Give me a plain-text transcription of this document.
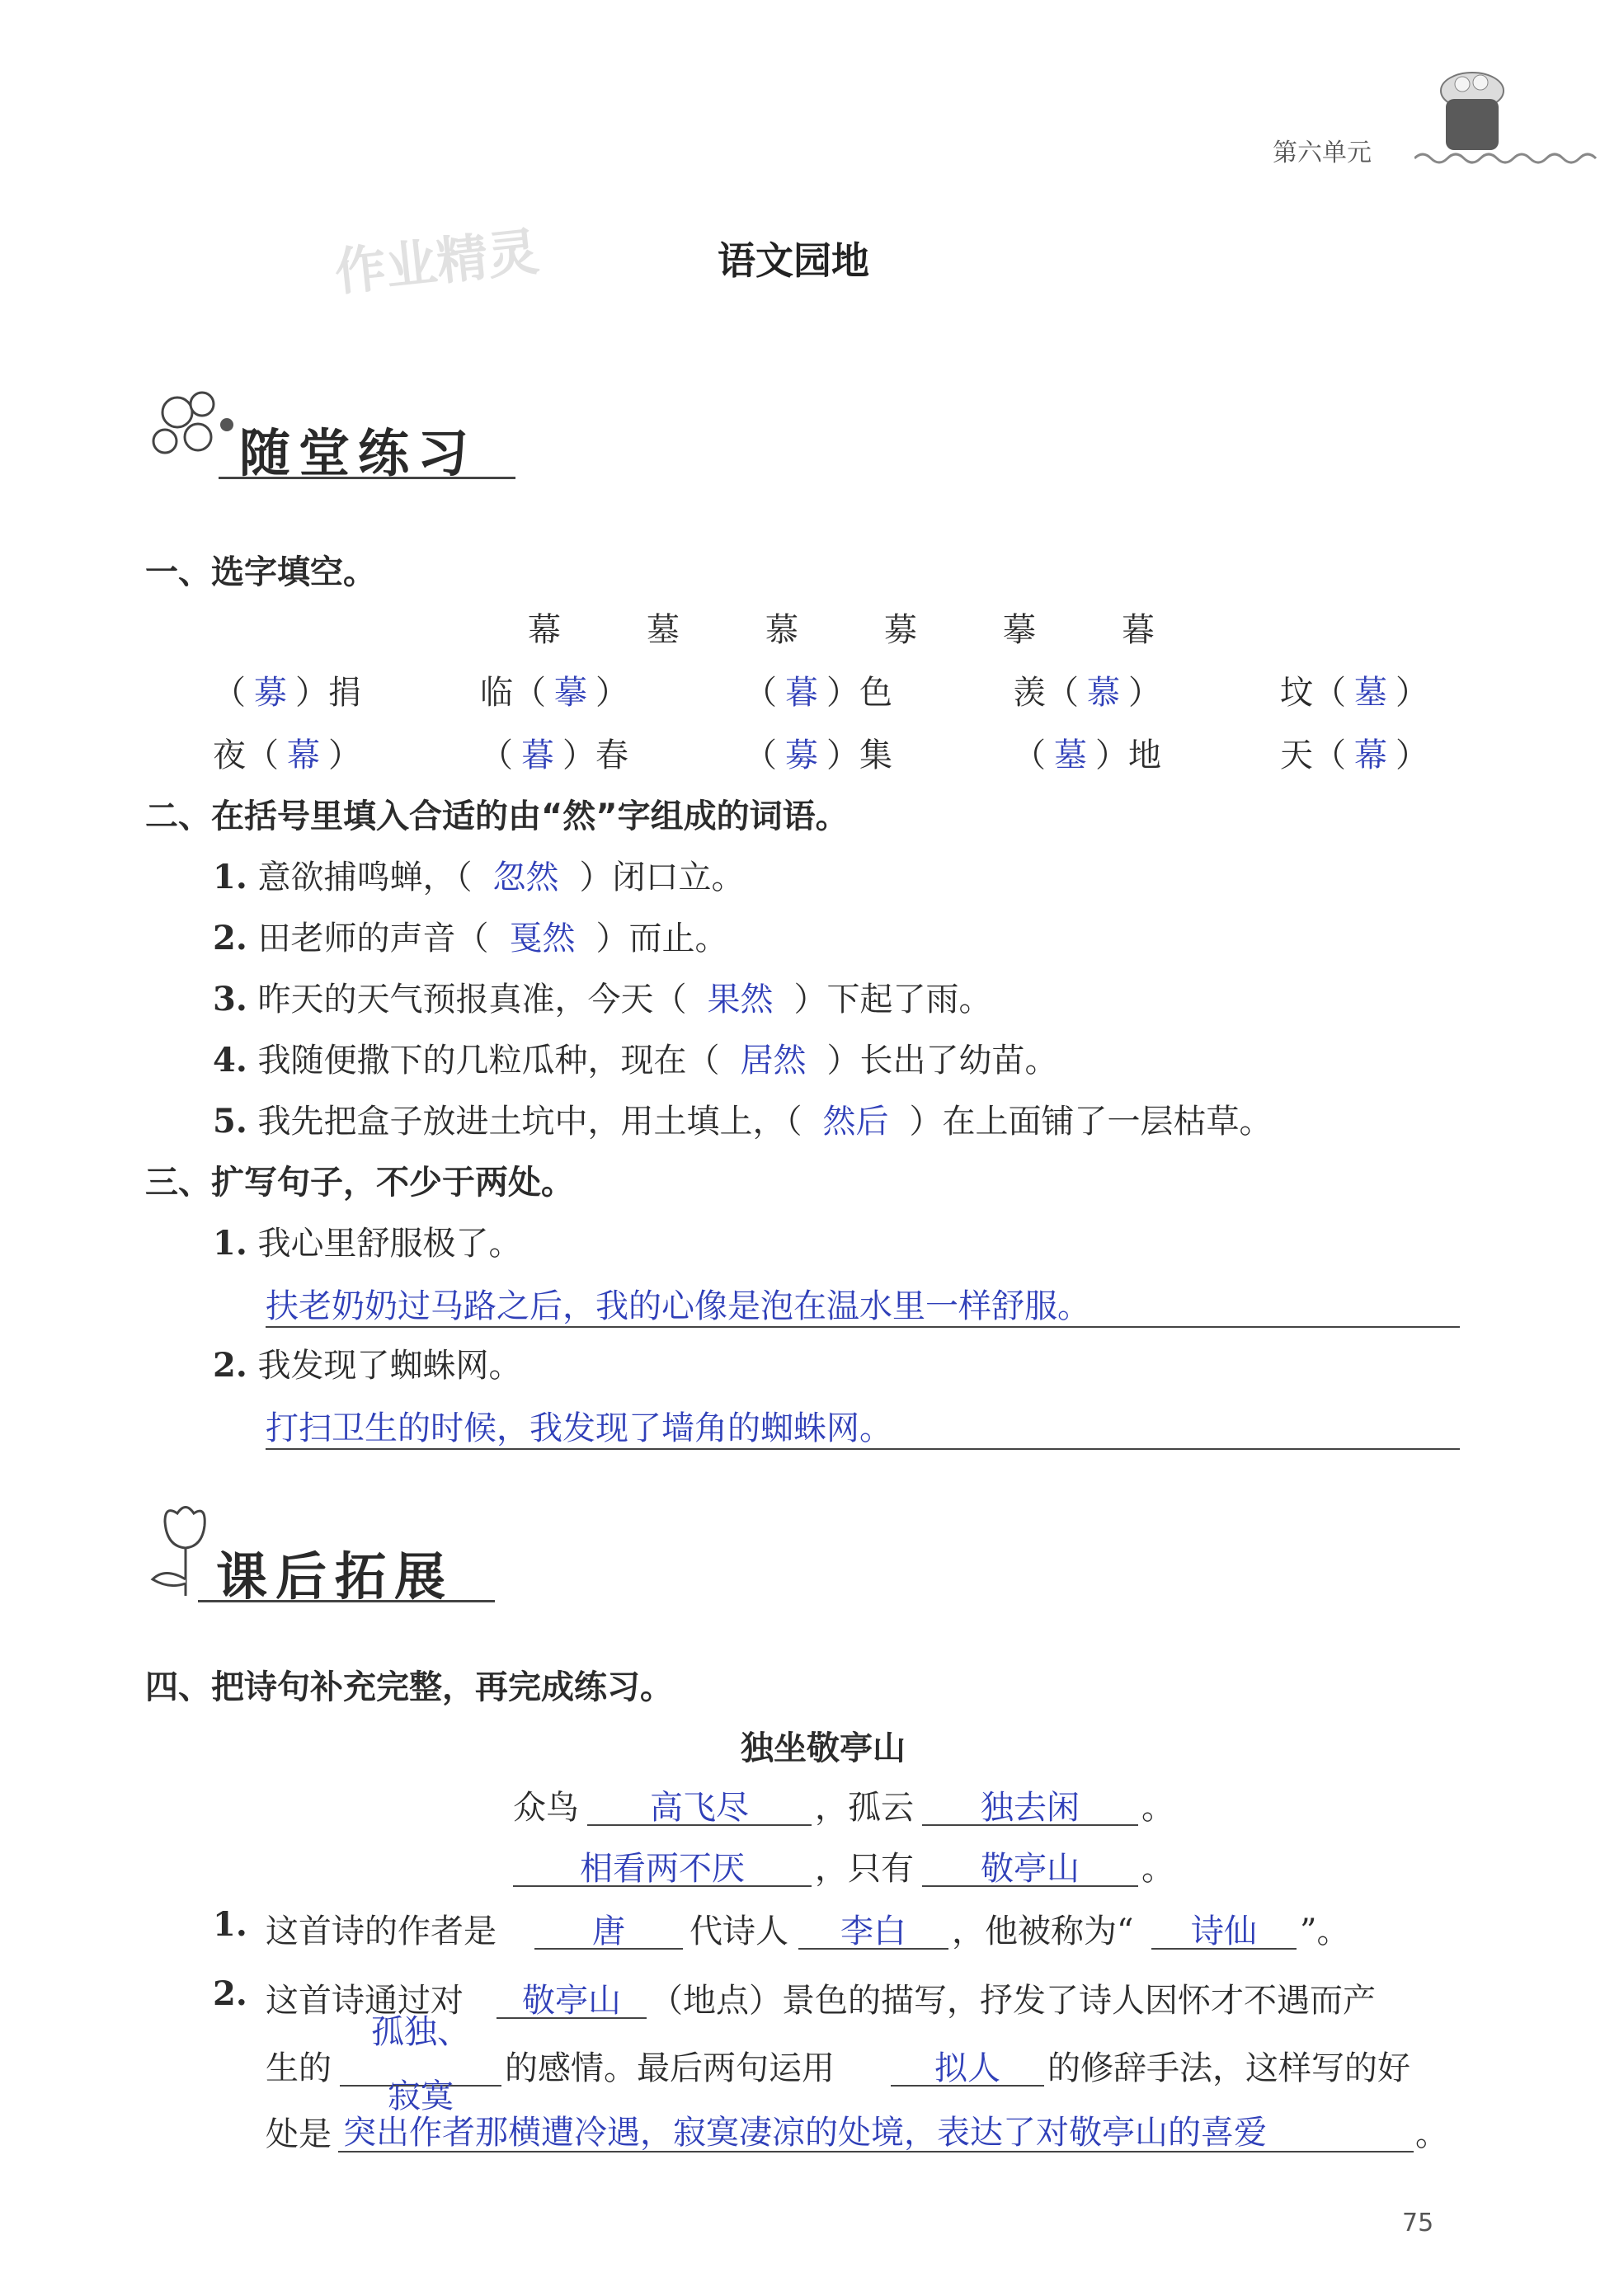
第六单元
作业精灵	语文园地
随堂练习
一、选字填空。
幕	墓	慕	募	摹	暮
（ 募 ）捐	临（ 摹 ）	（ 暮 ）色	羡（ 慕 ）	坟（ 墓 ）
夜（ 幕 ）	（ 暮 ）春	（ 募 ）集	（ 墓 ）地	天（ 幕 ）
二、在括号里填入合适的由“然”字组成的词语。
1. 意欲捕鸣蝉，（ 忽然 ）闭口立。
2. 田老师的声音（ 戛然 ）而止。
3. 昨天的天气预报真准，今天（ 果然 ）下起了雨。
4. 我随便撒下的几粒瓜种，现在（ 居然 ）长出了幼苗。
5. 我先把盒子放进土坑中，用土填上，（ 然后 ）在上面铺了一层枯草。
三、扩写句子，不少于两处。
1. 我心里舒服极了。
扶老奶奶过马路之后，我的心像是泡在温水里一样舒服。
2. 我发现了蜘蛛网。
打扫卫生的时候，我发现了墙角的蜘蛛网。
课后拓展
四、把诗句补充完整，再完成练习。
独坐敬亭山
众鸟	高飞尽	，孤云	独去闲	。
相看两不厌	，只有	敬亭山	。
1. 这首诗的作者是	唐	代诗人	李白	，他被称为“	诗仙	”。
2. 这首诗通过对	敬亭山 （地点）景色的描写，抒发了诗人因怀才不遇而产
生的
孤独、
寂寞
的感情。最后两句运用	拟人	的修辞手法，这样写的好
处是 突出作者那横遭冷遇，寂寞凄凉的处境，表达了对敬亭山的喜爱	。
75
